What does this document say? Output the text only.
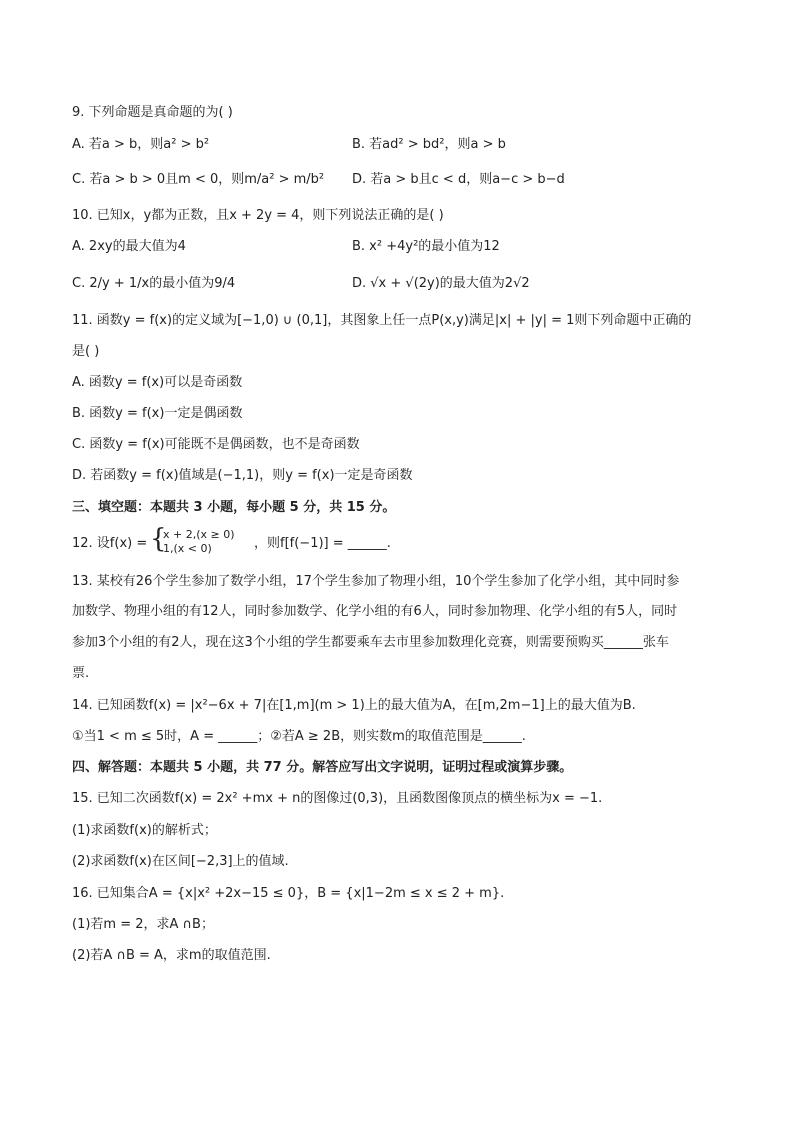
9. 下列命题是真命题的为( )
A. 若a > b，则a² > b²	B. 若ad² > bd²，则a > b
C. 若a > b > 0且m < 0，则m/a² > m/b² D. 若a > b且c < d，则a−c > b−d
10. 已知x，y都为正数，且x + 2y = 4，则下列说法正确的是( )
A. 2xy的最大值为4	B. x² +4y²的最小值为12
C. 2/y + 1/x的最小值为9/4	D. √x + √(2y)的最大值为2√2
11. 函数y = f(x)的定义域为[−1,0) ∪ (0,1]，其图象上任一点P(x,y)满足|x| + |y| = 1则下列命题中正确的
是( )
A. 函数y = f(x)可以是奇函数
B. 函数y = f(x)一定是偶函数
C. 函数y = f(x)可能既不是偶函数，也不是奇函数
D. 若函数y = f(x)值域是(−1,1)，则y = f(x)一定是奇函数
三、填空题：本题共 3 小题，每小题 5 分，共 15 分。
12. 设f(x) = {
x + 2,(x ≥ 0)
1,(x < 0)	，则f[f(−1)] = ______.
13. 某校有26个学生参加了数学小组，17个学生参加了物理小组，10个学生参加了化学小组，其中同时参
加数学、物理小组的有12人，同时参加数学、化学小组的有6人，同时参加物理、化学小组的有5人，同时
参加3个小组的有2人，现在这3个小组的学生都要乘车去市里参加数理化竞赛，则需要预购买______张车
票.
14. 已知函数f(x) = |x²−6x + 7|在[1,m](m > 1)上的最大值为A，在[m,2m−1]上的最大值为B.
①当1 < m ≤ 5时，A = ______；②若A ≥ 2B，则实数m的取值范围是______.
四、解答题：本题共 5 小题，共 77 分。解答应写出文字说明，证明过程或演算步骤。
15. 已知二次函数f(x) = 2x² +mx + n的图像过(0,3)，且函数图像顶点的横坐标为x = −1.
(1)求函数f(x)的解析式；
(2)求函数f(x)在区间[−2,3]上的值域.
16. 已知集合A = {x|x² +2x−15 ≤ 0}，B = {x|1−2m ≤ x ≤ 2 + m}.
(1)若m = 2，求A ∩B；
(2)若A ∩B = A，求m的取值范围.
